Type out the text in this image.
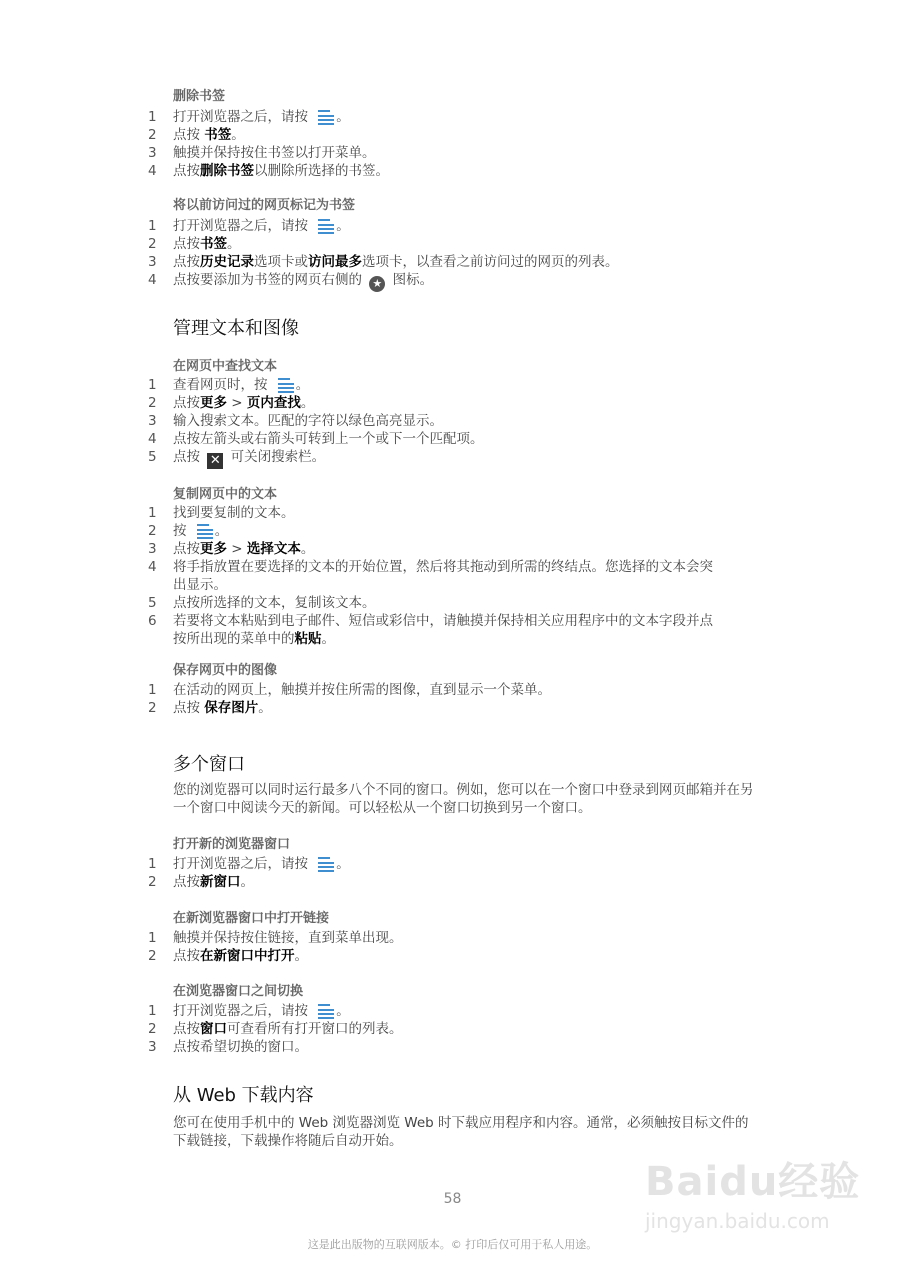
删除书签
1 打开浏览器之后，请按
。
2 点按 书签。
3 触摸并保持按住书签以打开菜单。
4 点按删除书签以删除所选择的书签。
将以前访问过的网页标记为书签
1 打开浏览器之后，请按
。
2 点按书签。
3 点按历史记录选项卡或访问最多选项卡，以查看之前访问过的网页的列表。
4 点按要添加为书签的网页右侧的 ★ 图标。
管理文本和图像
在网页中查找文本
1 查看网页时，按
。
2 点按更多 > 页内查找。
3 输入搜索文本。匹配的字符以绿色高亮显示。
4 点按左箭头或右箭头可转到上一个或下一个匹配项。
5 点按 ✕ 可关闭搜索栏。
复制网页中的文本
1 找到要复制的文本。
2 按
。
3 点按更多 > 选择文本。
4 将手指放置在要选择的文本的开始位置，然后将其拖动到所需的终结点。您选择的文本会突出显示。
5 点按所选择的文本，复制该文本。
6 若要将文本粘贴到电子邮件、短信或彩信中，请触摸并保持相关应用程序中的文本字段并点按所出现的菜单中的粘贴。
保存网页中的图像
1 在活动的网页上，触摸并按住所需的图像，直到显示一个菜单。
2 点按 保存图片。
多个窗口
您的浏览器可以同时运行最多八个不同的窗口。例如，您可以在一个窗口中登录到网页邮箱并在另一个窗口中阅读今天的新闻。可以轻松从一个窗口切换到另一个窗口。
打开新的浏览器窗口
1 打开浏览器之后，请按
。
2 点按新窗口。
在新浏览器窗口中打开链接
1 触摸并保持按住链接，直到菜单出现。
2 点按在新窗口中打开。
在浏览器窗口之间切换
1 打开浏览器之后，请按
。
2 点按窗口可查看所有打开窗口的列表。
3 点按希望切换的窗口。
从 Web 下载内容
您可在使用手机中的 Web 浏览器浏览 Web 时下载应用程序和内容。通常，必须触按目标文件的下载链接，下载操作将随后自动开始。
58
这是此出版物的互联网版本。© 打印后仅可用于私人用途。
Baidu经验
jingyan.baidu.com
